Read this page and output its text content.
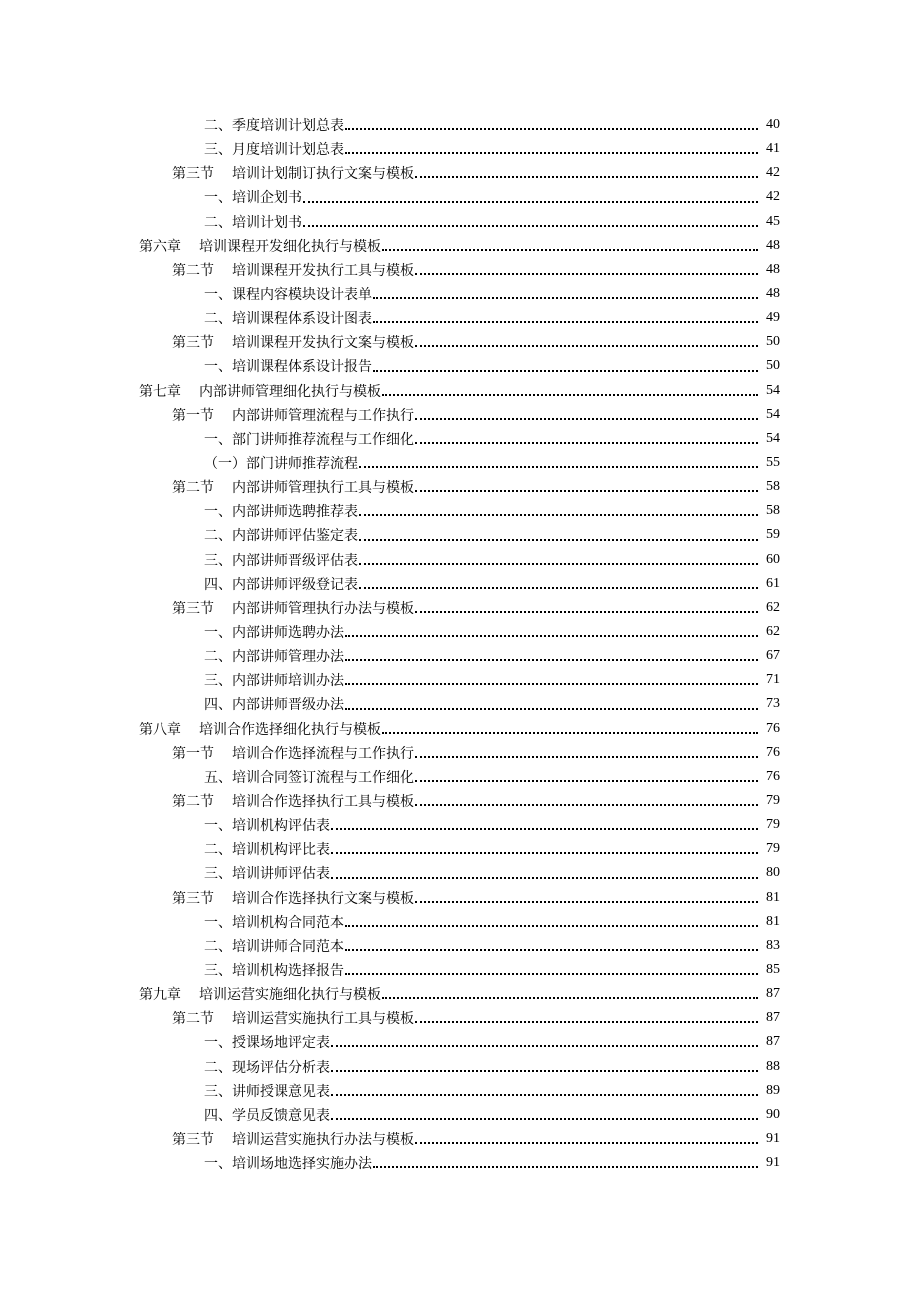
二、季度培训计划总表	40
三、月度培训计划总表	41
第三节 培训计划制订执行文案与模板	42
一、培训企划书	42
二、培训计划书	45
第六章 培训课程开发细化执行与模板	48
第二节 培训课程开发执行工具与模板	48
一、课程内容模块设计表单	48
二、培训课程体系设计图表	49
第三节 培训课程开发执行文案与模板	50
一、培训课程体系设计报告	50
第七章 内部讲师管理细化执行与模板	54
第一节 内部讲师管理流程与工作执行	54
一、部门讲师推荐流程与工作细化	54
（一）部门讲师推荐流程	55
第二节 内部讲师管理执行工具与模板	58
一、内部讲师选聘推荐表	58
二、内部讲师评估鉴定表	59
三、内部讲师晋级评估表	60
四、内部讲师评级登记表	61
第三节 内部讲师管理执行办法与模板	62
一、内部讲师选聘办法	62
二、内部讲师管理办法	67
三、内部讲师培训办法	71
四、内部讲师晋级办法	73
第八章 培训合作选择细化执行与模板	76
第一节 培训合作选择流程与工作执行	76
五、培训合同签订流程与工作细化	76
第二节 培训合作选择执行工具与模板	79
一、培训机构评估表	79
二、培训机构评比表	79
三、培训讲师评估表	80
第三节 培训合作选择执行文案与模板	81
一、培训机构合同范本	81
二、培训讲师合同范本	83
三、培训机构选择报告	85
第九章 培训运营实施细化执行与模板	87
第二节 培训运营实施执行工具与模板	87
一、授课场地评定表	87
二、现场评估分析表	88
三、讲师授课意见表	89
四、学员反馈意见表	90
第三节 培训运营实施执行办法与模板	91
一、培训场地选择实施办法	91
